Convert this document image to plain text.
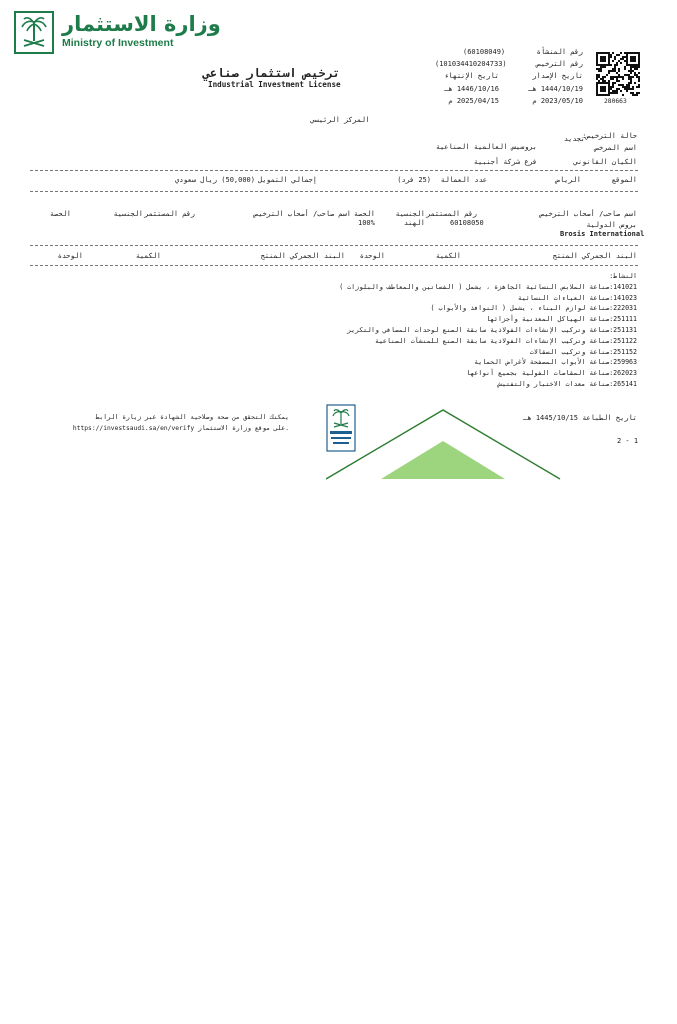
وزارة الاستثمار
Ministry of Investment
ترخيص استثمار صناعي
Industrial Investment License
رقم المنشأة
(60108049)
رقم الترخيص
(101034410204733)
تاريخ الإصدار
تاريخ الإنتهاء
1444/10/19 هـ
1446/10/16 هـ
2023/05/10 م
2025/04/15 م	280663
المركز الرئيسي
حالة الترخيص:
تجديد
اسم المرخص
بروسيس العالمية الصناعية
الكيان القانوني
فرع شركة أجنبية
الموقع
الرياض
عدد العمالة
(25 فرد)
إجمالي التمويل
(50,000) ريال سعودي
اسم صاحب/ أصحاب الترخيص
رقم المستثمر
الجنسية
الحصة
اسم صاحب/ أصحاب الترخيص
رقم المستثمر
الجنسية
الحصة
بروس الدولية
60108050
الهند
100%
Brosis International
البند الجمركي المنتج
الكمية
الوحدة
البند الجمركي المنتج
الكمية
الوحدة
النشاط:
141021:صناعة الملابس النسائية الجاهزة ، يشمل ( الفساتين والمعاطف والبلوزات )
141023:صناعة العباءات النسائية
222031:صناعة لوازم البناء ، يشمل ( النوافذ والأبواب )
251111:صناعة الهياكل المعدنية وأجزائها
251131:صناعة وتركيب الإنشاءات الفولاذية سابقة الصنع لوحدات المصافي والتكرير
251122:صناعة وتركيب الإنشاءات الفولاذية سابقة الصنع للمنشآت الصناعية
251152:صناعة وتركيب السقالات
259963:صناعة الأبواب المصفحة لأغراض الحماية
262023:صناعة المقاصات الفولية بجميع أنواعها
265141:صناعة معدات الاختبار والتفتيش
تاريخ الطباعة 1445/10/15 هـ
2 - 1
يمكنك التحقق من صحة وصلاحية الشهادة عبر زيارة الرابط
https://investsaudi.sa/en/verify على موقع وزارة الاستثمار.
